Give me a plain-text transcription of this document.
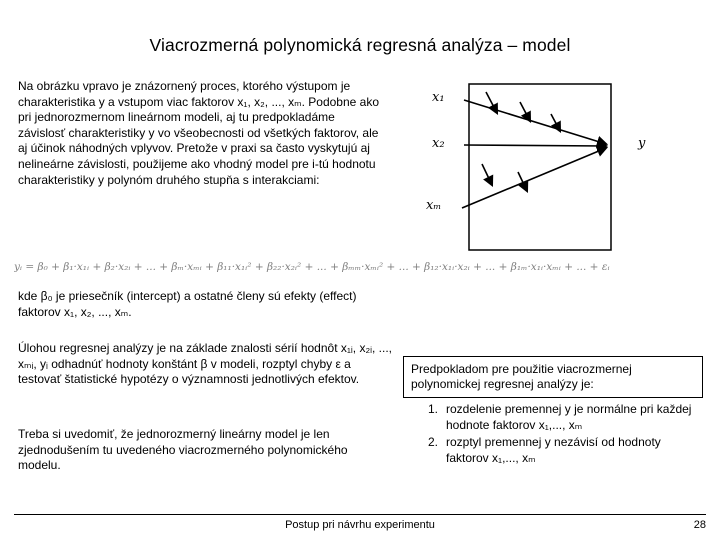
Viacrozmerná polynomická regresná analýza – model
Na obrázku vpravo je znázornený proces, ktorého výstupom je charakteristika y a vstupom viac faktorov x₁, x₂, ..., xₘ. Podobne ako pri jednorozmernom lineárnom modeli, aj tu predpokladáme závislosť charakteristiky y vo všeobecnosti od všetkých faktorov, ale aj účinok náhodných vplyvov. Pretože v praxi sa často vyskytujú aj nelineárne závislosti, použijeme ako vhodný model pre i-tú hodnotu charakteristiky y polynóm druhého stupňa s interakciami:
x₁
x₂
xₘ
y
yᵢ = β₀ + β₁·x₁ᵢ + β₂·x₂ᵢ + ... + βₘ·xₘᵢ + β₁₁·x₁ᵢ² + β₂₂·x₂ᵢ² + ... + βₘₘ·xₘᵢ² + ... + β₁₂·x₁ᵢ·x₂ᵢ + ... + β₁ₘ·x₁ᵢ·xₘᵢ + ... + εᵢ
kde β₀ je priesečník (intercept) a ostatné členy sú efekty (effect) faktorov x₁, x₂, ..., xₘ.
Úlohou regresnej analýzy je na základe znalosti sérií hodnôt x₁ᵢ, x₂ᵢ, ..., xₘᵢ, yᵢ odhadnúť hodnoty konštánt β v modeli, rozptyl chyby ε a testovať štatistické hypotézy o významnosti jednotlivých efektov.
Predpokladom pre použitie viacrozmernej polynomickej regresnej analýzy je:
1. rozdelenie premennej y je normálne pri každej hodnote faktorov x₁,..., xₘ
2. rozptyl premennej y nezávisí od hodnoty faktorov x₁,..., xₘ
Treba si uvedomiť, že jednorozmerný lineárny model je len zjednodušením tu uvedeného viacrozmerného polynomického modelu.
Postup pri návrhu experimentu	28
